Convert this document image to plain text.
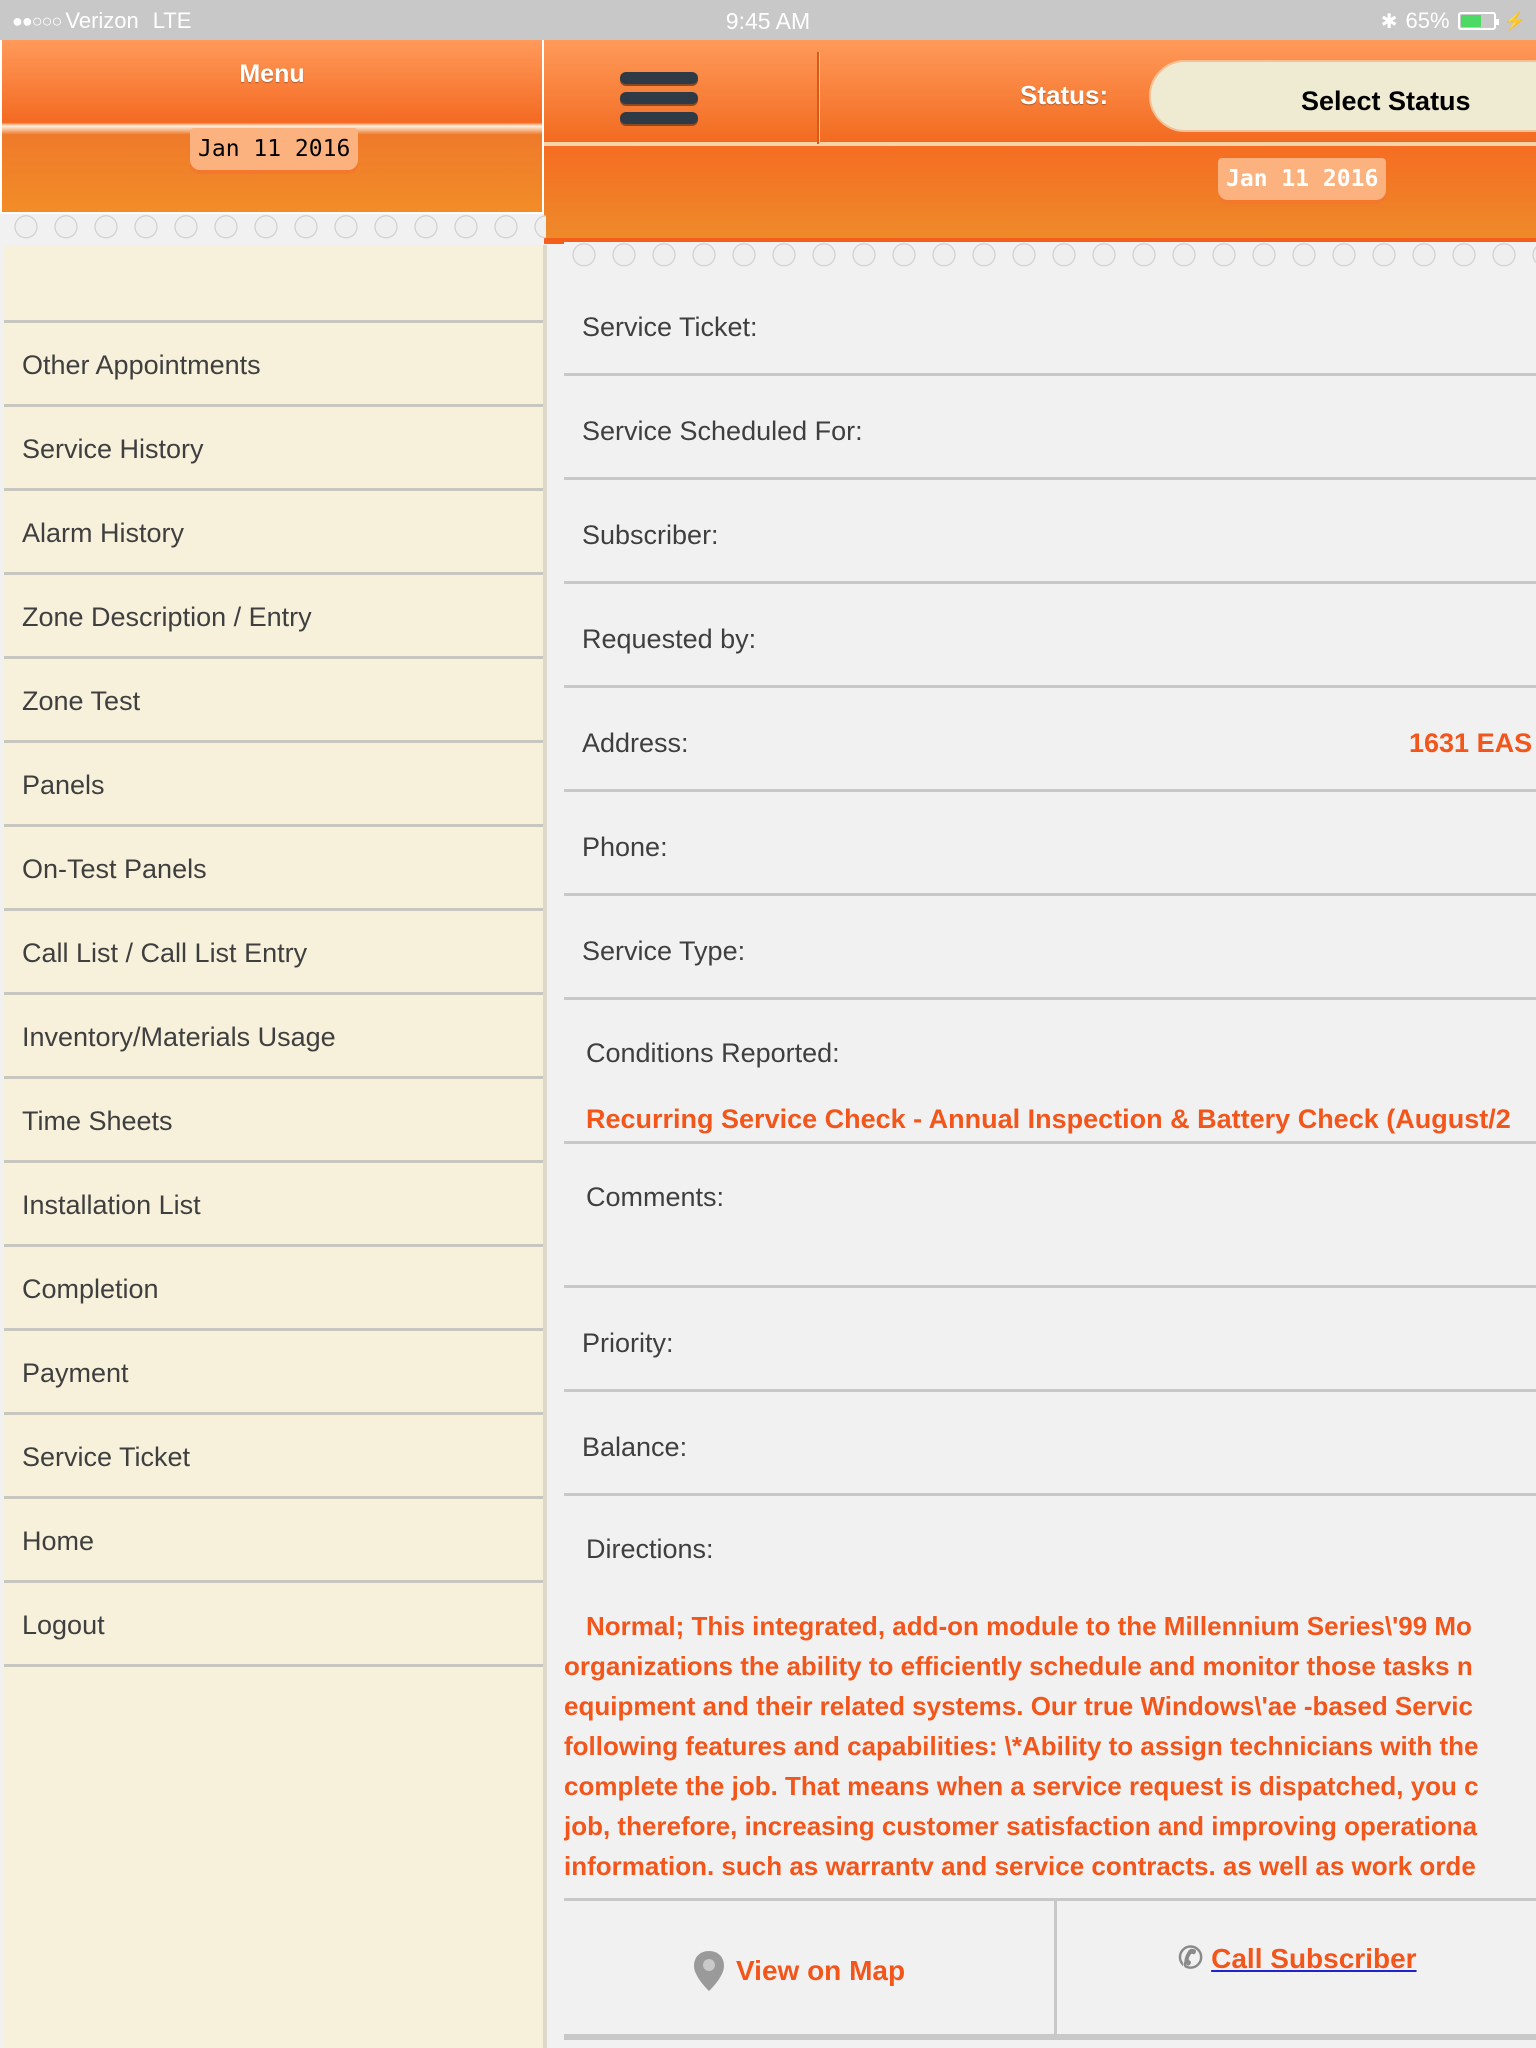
●●○○○ Verizon LTE	9:45 AM	✱ 65%	⚡
Menu
Jan 11 2016
Status:	Select Status
Jan 11 2016
Other Appointments
Service History
Alarm History
Zone Description / Entry
Zone Test
Panels
On-Test Panels
Call List / Call List Entry
Inventory/Materials Usage
Time Sheets
Installation List
Completion
Payment
Service Ticket
Home
Logout
Service Ticket:
Service Scheduled For:
Subscriber:
Requested by:
Address:	1631 EAS
Phone:
Service Type:
Conditions Reported:
Recurring Service Check - Annual Inspection & Battery Check (August/2
Comments:
Priority:
Balance:
Directions:
Normal; This integrated, add-on module to the Millennium Series\'99 Mo
organizations the ability to efficiently schedule and monitor those tasks n
equipment and their related systems. Our true Windows\'ae -based Servic
following features and capabilities: \*Ability to assign technicians with the
complete the job. That means when a service request is dispatched, you c
job, therefore, increasing customer satisfaction and improving operationa
information. such as warrantv and service contracts. as well as work orde
View on Map	✆ Call Subscriber
